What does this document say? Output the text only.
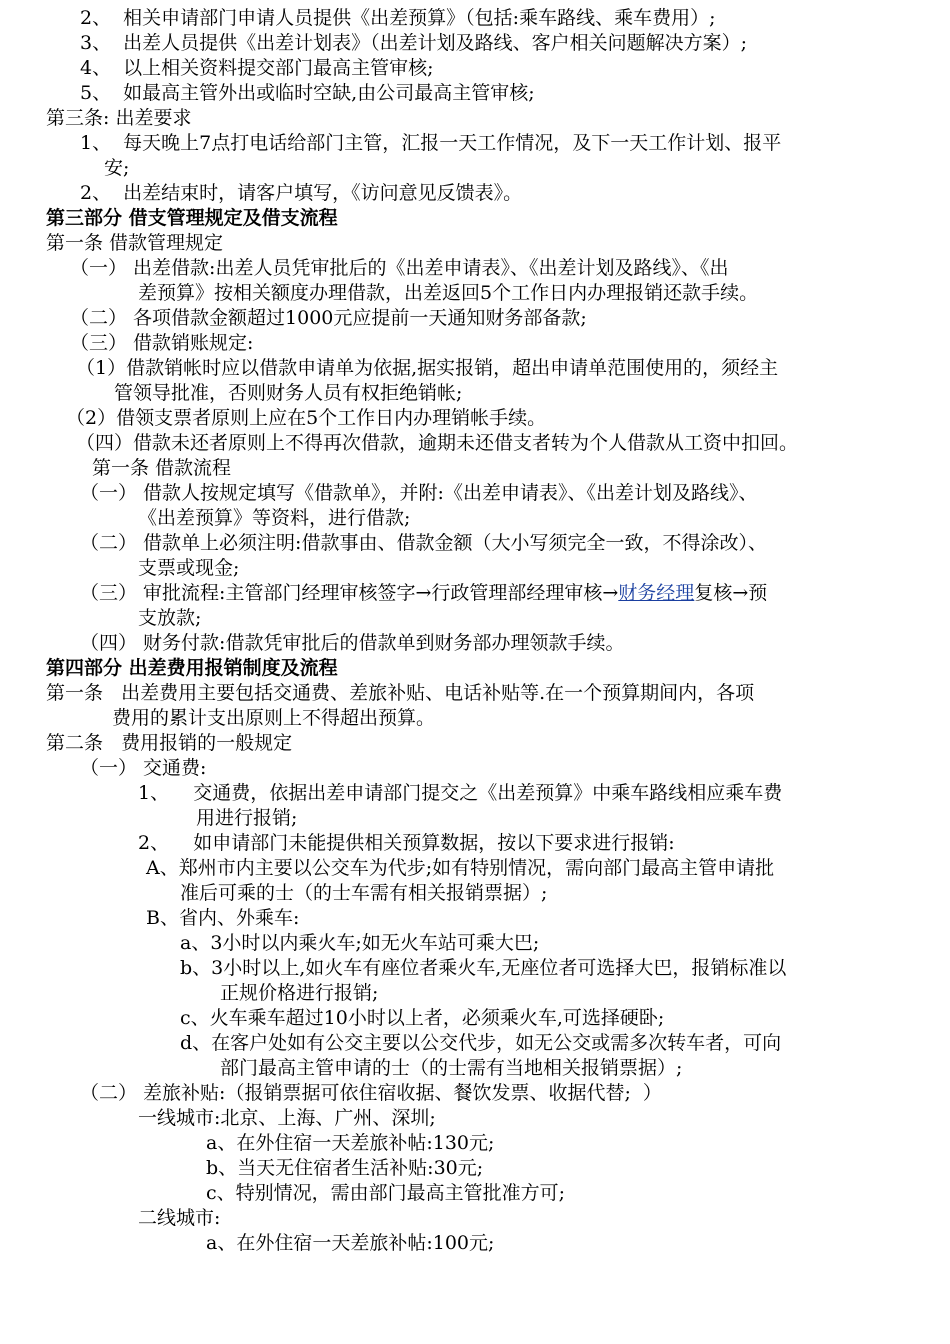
2、  相关申请部门申请人员提供《出差预算》（包括:乘车路线、乘车费用）;
3、  出差人员提供《出差计划表》（出差计划及路线、客户相关问题解决方案）;
4、  以上相关资料提交部门最高主管审核;
5、  如最高主管外出或临时空缺,由公司最高主管审核;
第三条: 出差要求
1、  每天晚上7点打电话给部门主管，汇报一天工作情况，及下一天工作计划、报平
安;
2、  出差结束时，请客户填写，《访问意见反馈表》。
第三部分 借支管理规定及借支流程
第一条 借款管理规定
（一） 出差借款:出差人员凭审批后的《出差申请表》、《出差计划及路线》、《出
差预算》按相关额度办理借款，出差返回5个工作日内办理报销还款手续。
（二） 各项借款金额超过1000元应提前一天通知财务部备款;
（三） 借款销账规定:
（1）借款销帐时应以借款申请单为依据,据实报销，超出申请单范围使用的，须经主
管领导批准，否则财务人员有权拒绝销帐;
（2）借领支票者原则上应在5个工作日内办理销帐手续。
（四）借款未还者原则上不得再次借款，逾期未还借支者转为个人借款从工资中扣回。
第一条 借款流程
（一） 借款人按规定填写《借款单》，并附:《出差申请表》、《出差计划及路线》、
《出差预算》等资料，进行借款;
（二） 借款单上必须注明:借款事由、借款金额（大小写须完全一致，不得涂改）、
支票或现金;
（三） 审批流程:主管部门经理审核签字→行政管理部经理审核→财务经理复核→预
支放款;
（四） 财务付款:借款凭审批后的借款单到财务部办理领款手续。
第四部分 出差费用报销制度及流程
第一条   出差费用主要包括交通费、差旅补贴、电话补贴等.在一个预算期间内，各项
费用的累计支出原则上不得超出预算。
第二条   费用报销的一般规定
（一） 交通费:
1、    交通费，依据出差申请部门提交之《出差预算》中乘车路线相应乘车费
用进行报销;
2、    如申请部门未能提供相关预算数据，按以下要求进行报销:
A、郑州市内主要以公交车为代步;如有特别情况，需向部门最高主管申请批
准后可乘的士（的士车需有相关报销票据）;
B、省内、外乘车:
a、3小时以内乘火车;如无火车站可乘大巴;
b、3小时以上,如火车有座位者乘火车,无座位者可选择大巴，报销标准以
正规价格进行报销;
c、火车乘车超过10小时以上者，必须乘火车,可选择硬卧;
d、在客户处如有公交主要以公交代步，如无公交或需多次转车者，可向
部门最高主管申请的士（的士需有当地相关报销票据）;
（二） 差旅补贴:（报销票据可依住宿收据、餐饮发票、收据代替;  ）
一线城市:北京、上海、广州、深圳;
a、在外住宿一天差旅补帖:130元;
b、当天无住宿者生活补贴:30元;
c、特别情况，需由部门最高主管批准方可;
二线城市:
a、在外住宿一天差旅补帖:100元;
